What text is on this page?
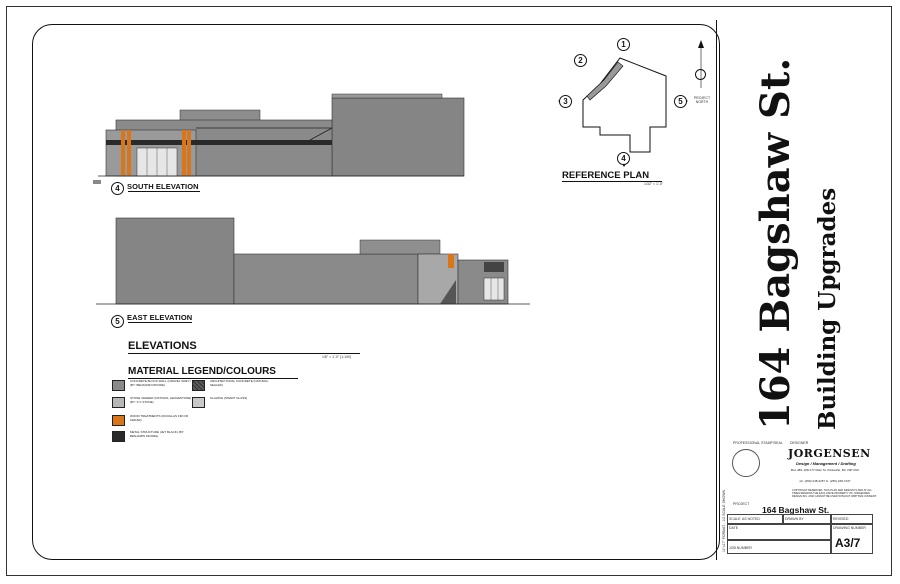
4 SOUTH ELEVATION
5 EAST ELEVATION
1
2
3
4
5	PROJECT NORTH
REFERENCE PLAN
1/32" = 1'-0"
ELEVATIONS
1/8" = 1'-0" (1:100)
MATERIAL LEGEND/COLOURS
CONCRETE BLOCK WALL (GRAVEL GREY) (BY: BENJAMIN MOORE)
STONE VENEER (NATURAL LEDGESTONE) (BY: X.C STONE)
WOOD TREATMENTS (DOUGLAS FIR OR CEDAR)
METAL STRUCTURE (JET BLACK) (BY: BENJAMIN MOORE)
ARCHITECTURAL CONCRETE (NATURAL SEALED)
GLAZING (SMART GLASS)	164 Bagshaw St. Building Upgrades
PROFESSIONAL STAMP/SEAL DESIGNER
JORGENSEN
Design / Management / Drafting
Box 489, 208-177 Main St. Parksville, BC V9P 2G6
ph. (250) 248-3257 fx. (250) 248-7437
COPYRIGHT RESERVED. THIS PLAN AND DESIGN IS AND AT ALL TIMES REMAINS THE EXCLUSIVE PROPERTY OF JORGENSEN DESIGN INC. AND CANNOT BE USED WITHOUT WRITTEN CONSENT.
PROJECT
164 Bagshaw St.
SCALE AS NOTED	DRAWN BY	REVISED
DATE	DRAWING NUMBER
A3/7
JOB NUMBER
11"x17" FORMAT - 1/2 SCALE SHOWN
